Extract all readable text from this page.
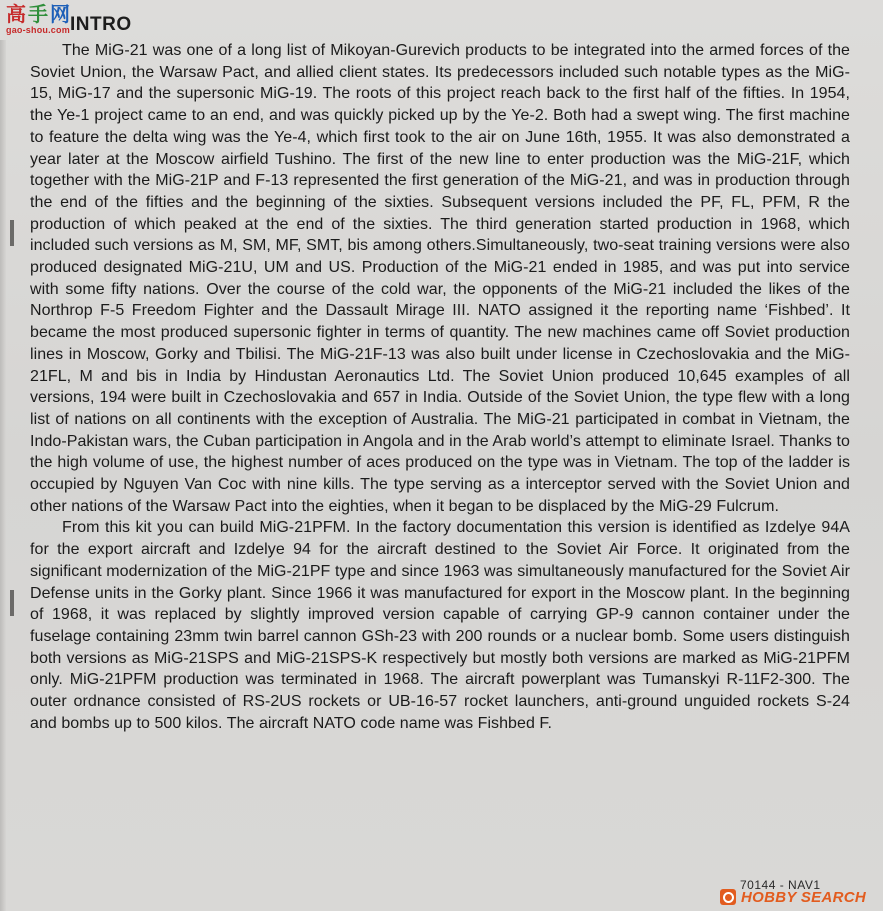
高 手 网
gao-shou.com INTRO

The MiG-21 was one of a long list of Mikoyan-Gurevich products to be integrated into the armed forces of the Soviet Union, the Warsaw Pact, and allied client states. Its predecessors included such notable types as the MiG-15, MiG-17 and the supersonic MiG-19. The roots of this project reach back to the first half of the fifties. In 1954, the Ye-1 project came to an end, and was quickly picked up by the Ye-2. Both had a swept wing. The first machine to feature the delta wing was the Ye-4, which first took to the air on June 16th, 1955. It was also demonstrated a year later at the Moscow airfield Tushino. The first of the new line to enter production was the MiG-21F, which together with the MiG-21P and F-13 represented the first generation of the MiG-21, and was in production through the end of the fifties and the beginning of the sixties. Subsequent versions included the PF, FL, PFM, R the production of which peaked at the end of the sixties. The third generation started production in 1968, which included such versions as M, SM, MF, SMT, bis among others.Simultaneously, two-seat training versions were also produced designated MiG-21U, UM and US. Production of the MiG-21 ended in 1985, and was put into service with some fifty nations. Over the course of the cold war, the opponents of the MiG-21 included the likes of the Northrop F-5 Freedom Fighter and the Dassault Mirage III. NATO assigned it the reporting name ‘Fishbed’. It became the most produced supersonic fighter in terms of quantity. The new machines came off Soviet production lines in Moscow, Gorky and Tbilisi. The MiG-21F-13 was also built under license in Czechoslovakia and the MiG-21FL, M and bis in India by Hindustan Aeronautics Ltd. The Soviet Union produced 10,645 examples of all versions, 194 were built in Czechoslovakia and 657 in India. Outside of the Soviet Union, the type flew with a long list of nations on all continents with the exception of Australia. The MiG-21 participated in combat in Vietnam, the Indo-Pakistan wars, the Cuban participation in Angola and in the Arab world’s attempt to eliminate Israel. Thanks to the high volume of use, the highest number of aces produced on the type was in Vietnam. The top of the ladder is occupied by Nguyen Van Coc with nine kills. The type serving as a interceptor served with the Soviet Union and other nations of the Warsaw Pact into the eighties, when it began to be displaced by the MiG-29 Fulcrum.

From this kit you can build MiG-21PFM. In the factory documentation this version is identified as Izdelye 94A for the export aircraft and Izdelye 94 for the aircraft destined to the Soviet Air Force. It originated from the significant modernization of the MiG-21PF type and since 1963 was simultaneously manufactured for the Soviet Air Defense units in the Gorky plant. Since 1966 it was manufactured for export in the Moscow plant. In the beginning of 1968, it was replaced by slightly improved version capable of carrying GP-9 cannon container under the fuselage containing 23mm twin barrel cannon GSh-23 with 200 rounds or a nuclear bomb. Some users distinguish both versions as MiG-21SPS and MiG-21SPS-K respectively but mostly both versions are marked as MiG-21PFM only. MiG-21PFM production was terminated in 1968. The aircraft powerplant was Tumanskyi R-11F2-300. The outer ordnance consisted of RS-2US rockets or UB-16-57 rocket launchers, anti-ground unguided rockets S-24 and bombs up to 500 kilos. The aircraft NATO code name was Fishbed F.

70144 - NAV1
HOBBY SEARCH
